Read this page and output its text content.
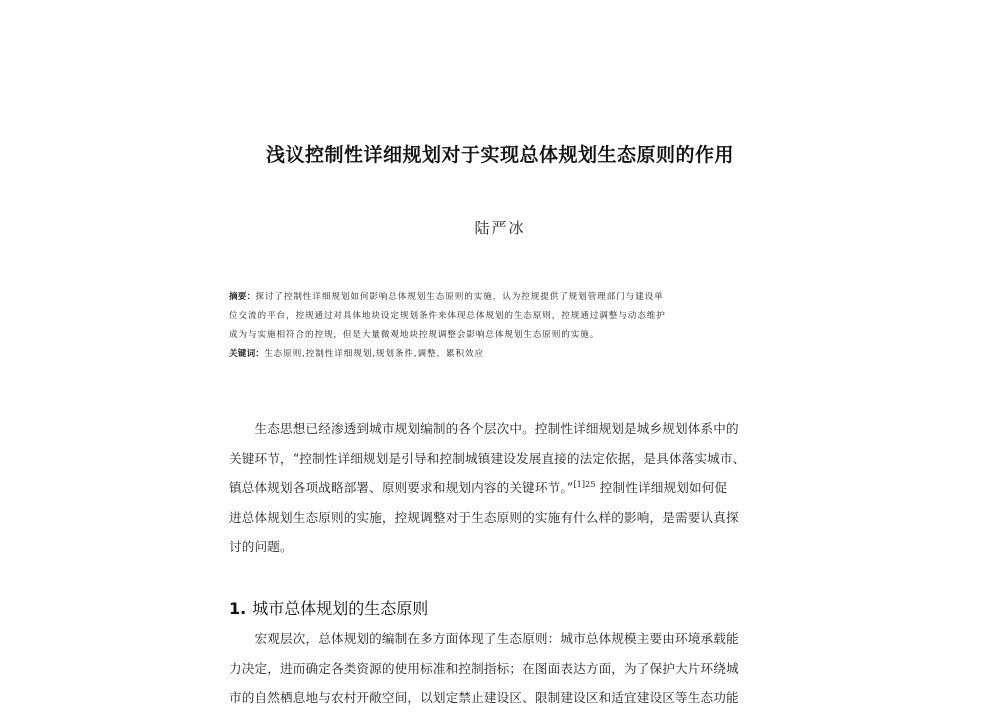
浅议控制性详细规划对于实现总体规划生态原则的作用
陆严冰
摘要：探讨了控制性详细规划如何影响总体规划生态原则的实施，认为控规提供了规划管理部门与建设单
位交流的平台，控规通过对具体地块设定规划条件来体现总体规划的生态原则，控规通过调整与动态维护
成为与实施相符合的控规，但是大量微观地块控规调整会影响总体规划生态原则的实施。
关键词：生态原则,控制性详细规划,规划条件,调整，累积效应
　　生态思想已经渗透到城市规划编制的各个层次中。控制性详细规划是城乡规划体系中的
关键环节，“控制性详细规划是引导和控制城镇建设发展直接的法定依据，是具体落实城市、
镇总体规划各项战略部署、原则要求和规划内容的关键环节。”$^{[1]25}$ 控制性详细规划如何促
进总体规划生态原则的实施，控规调整对于生态原则的实施有什么样的影响，是需要认真探
讨的问题。
1. 城市总体规划的生态原则
　　宏观层次，总体规划的编制在多方面体现了生态原则：城市总体规模主要由环境承载能
力决定，进而确定各类资源的使用标准和控制指标；在图面表达方面，为了保护大片环绕城
市的自然栖息地与农村开敞空间，以划定禁止建设区、限制建设区和适宜建设区等生态功能
